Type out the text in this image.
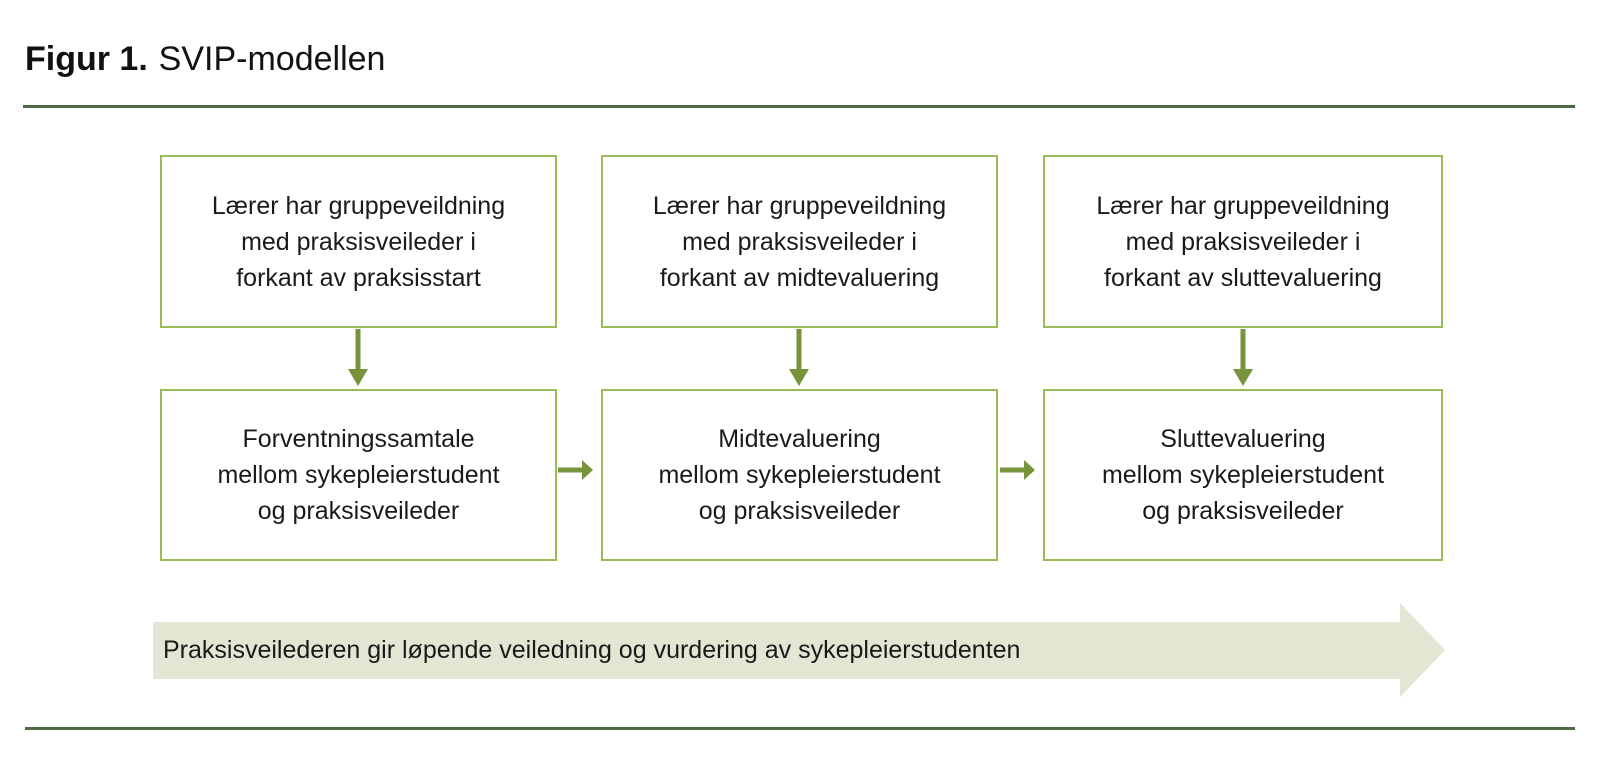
Figur 1. SVIP-modellen
Lærer har gruppeveildning
med praksisveileder i
forkant av praksisstart
Lærer har gruppeveildning
med praksisveileder i
forkant av midtevaluering
Lærer har gruppeveildning
med praksisveileder i
forkant av sluttevaluering
Forventningssamtale
mellom sykepleierstudent
og praksisveileder
Midtevaluering
mellom sykepleierstudent
og praksisveileder
Sluttevaluering
mellom sykepleierstudent
og praksisveileder
Praksisveilederen gir løpende veiledning og vurdering av sykepleierstudenten
